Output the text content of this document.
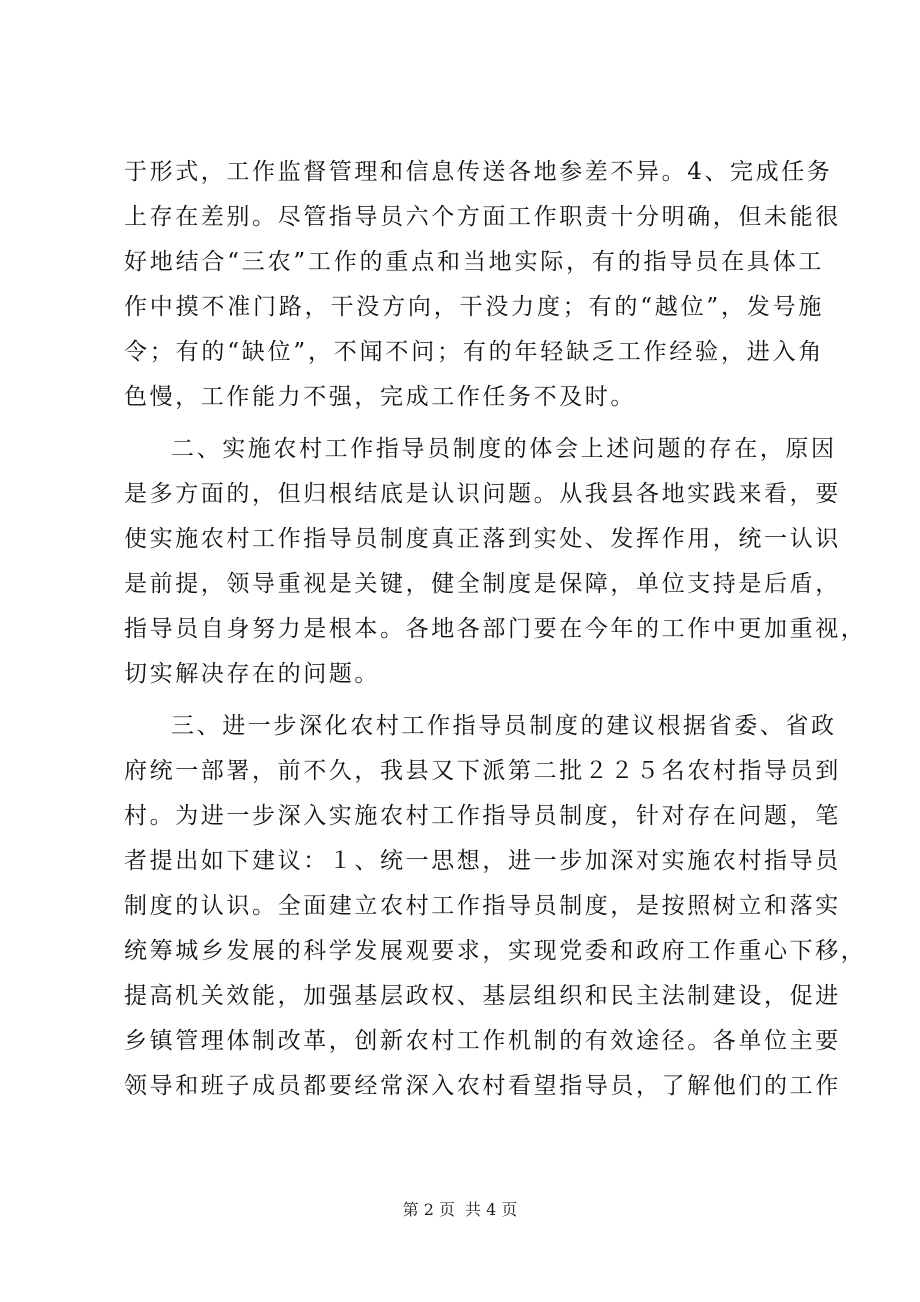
于形式，工作监督管理和信息传送各地参差不异。4、完成任务
上存在差别。尽管指导员六个方面工作职责十分明确，但未能很
好地结合“三农”工作的重点和当地实际，有的指导员在具体工
作中摸不准门路，干没方向，干没力度；有的“越位”，发号施
令；有的“缺位”，不闻不问；有的年轻缺乏工作经验，进入角
色慢，工作能力不强，完成工作任务不及时。
二、实施农村工作指导员制度的体会上述问题的存在，原因
是多方面的，但归根结底是认识问题。从我县各地实践来看，要
使实施农村工作指导员制度真正落到实处、发挥作用，统一认识
是前提，领导重视是关键，健全制度是保障，单位支持是后盾，
指导员自身努力是根本。各地各部门要在今年的工作中更加重视，
切实解决存在的问题。
三、进一步深化农村工作指导员制度的建议根据省委、省政
府统一部署，前不久，我县又下派第二批２２５名农村指导员到
村。为进一步深入实施农村工作指导员制度，针对存在问题，笔
者提出如下建议：１、统一思想，进一步加深对实施农村指导员
制度的认识。全面建立农村工作指导员制度，是按照树立和落实
统筹城乡发展的科学发展观要求，实现党委和政府工作重心下移，
提高机关效能，加强基层政权、基层组织和民主法制建设，促进
乡镇管理体制改革，创新农村工作机制的有效途径。各单位主要
领导和班子成员都要经常深入农村看望指导员，了解他们的工作
第 2 页 共 4 页
